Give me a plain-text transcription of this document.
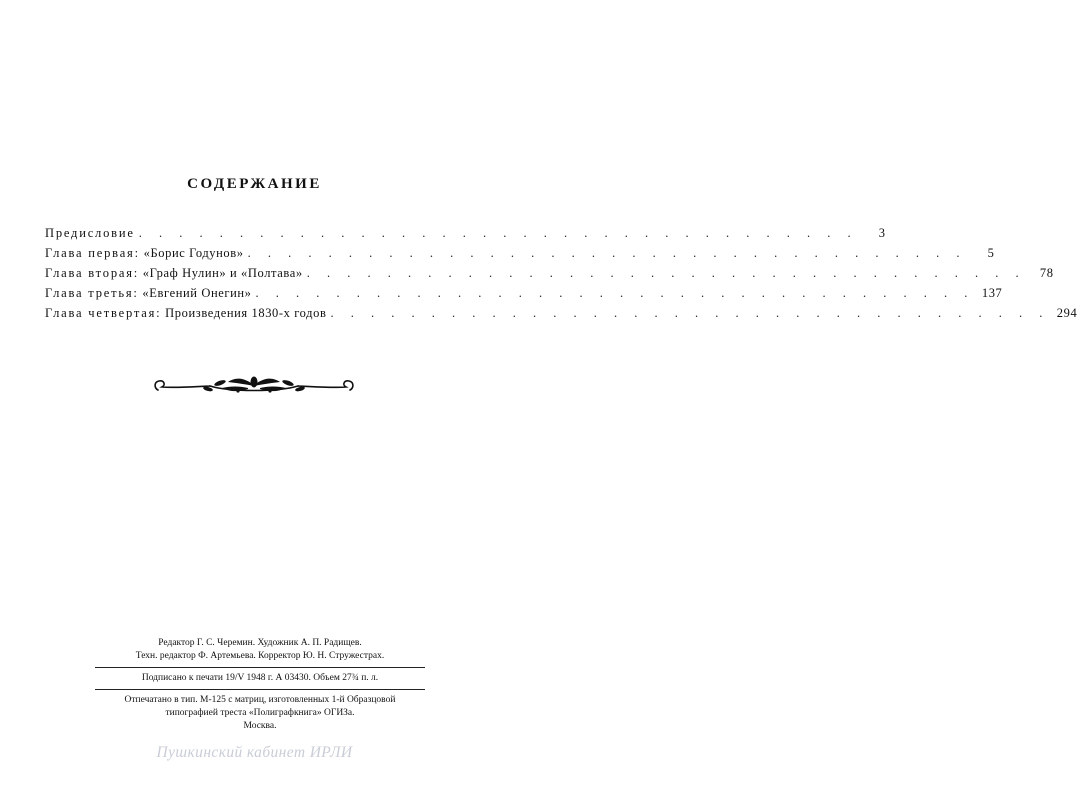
СОДЕРЖАНИЕ
Предисловие . . . . . . . . . . . . . . . . . . . . . . . . . . . . . . . . . . . .	3
Глава первая: «Борис Годунов» . . . . . . . . . . . . . . . . . . . . . . . . . . . . . . . . . . . .	5
Глава вторая: «Граф Нулин» и «Полтава» . . . . . . . . . . . . . . . . . . . . . . . . . . . . . . . . . . . .	78
Глава третья: «Евгений Онегин» . . . . . . . . . . . . . . . . . . . . . . . . . . . . . . . . . . . . 137
Глава четвертая: Произведения 1830-х годов . . . . . . . . . . . . . . . . . . . . . . . . . . . . . . . . . . . . 294
Редактор Г. С. Черемин. Художник А. П. Радищев.
Техн. редактор Ф. Артемьева. Корректор Ю. Н. Стружестрах.
Подписано к печати 19/V 1948 г. А 03430. Объем 27¾ п. л.
Отпечатано в тип. М-125 с матриц, изготовленных 1-й Образцовой
типографией треста «Полиграфкнига» ОГИЗа.
Москва.
Пушкинский кабинет ИРЛИ
